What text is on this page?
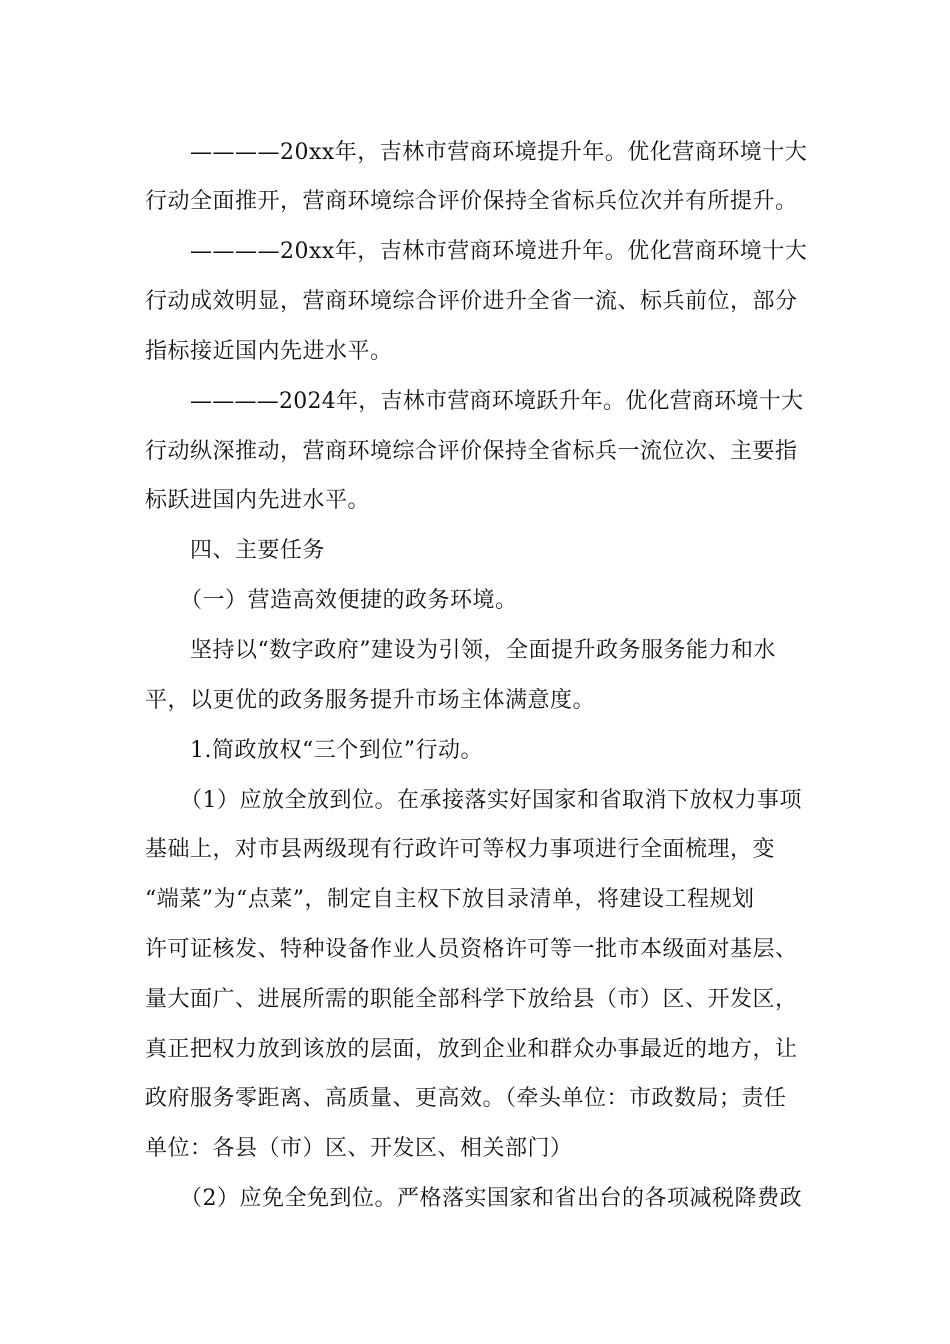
————20xx年，吉林市营商环境提升年。优化营商环境十大
行动全面推开，营商环境综合评价保持全省标兵位次并有所提升。
————20xx年，吉林市营商环境进升年。优化营商环境十大
行动成效明显，营商环境综合评价进升全省一流、标兵前位，部分
指标接近国内先进水平。
————2024年，吉林市营商环境跃升年。优化营商环境十大
行动纵深推动，营商环境综合评价保持全省标兵一流位次、主要指
标跃进国内先进水平。
四、主要任务
（一）营造高效便捷的政务环境。
坚持以“数字政府”建设为引领，全面提升政务服务能力和水
平，以更优的政务服务提升市场主体满意度。
1.简政放权“三个到位”行动。
（1）应放全放到位。在承接落实好国家和省取消下放权力事项
基础上，对市县两级现有行政许可等权力事项进行全面梳理，变
“端菜”为“点菜”，制定自主权下放目录清单，将建设工程规划
许可证核发、特种设备作业人员资格许可等一批市本级面对基层、
量大面广、进展所需的职能全部科学下放给县（市）区、开发区，
真正把权力放到该放的层面，放到企业和群众办事最近的地方，让
政府服务零距离、高质量、更高效。（牵头单位：市政数局；责任
单位：各县（市）区、开发区、相关部门）
（2）应免全免到位。严格落实国家和省出台的各项减税降费政
